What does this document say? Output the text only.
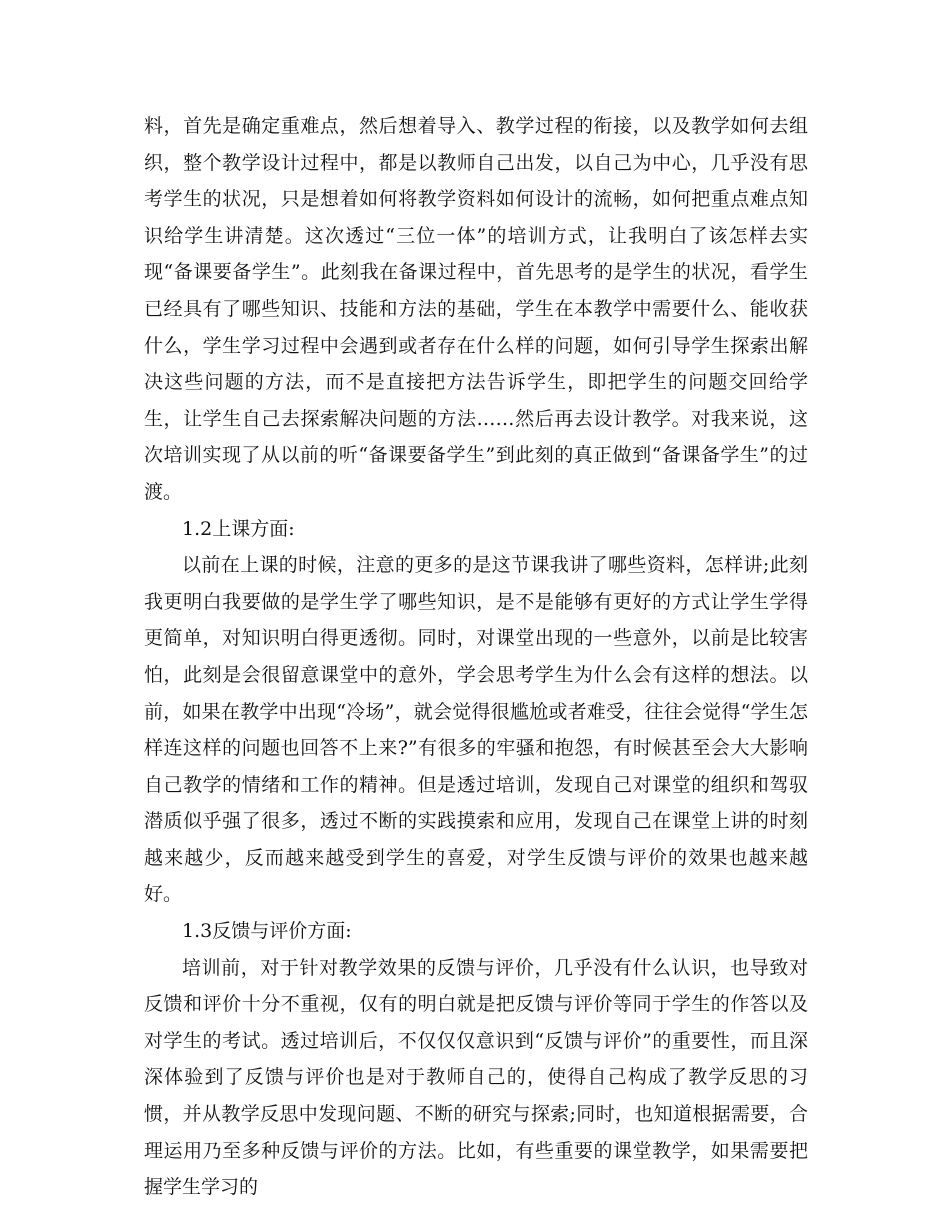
料，首先是确定重难点，然后想着导入、教学过程的衔接，以及教学如何去组织，整个教学设计过程中，都是以教师自己出发，以自己为中心，几乎没有思考学生的状况，只是想着如何将教学资料如何设计的流畅，如何把重点难点知识给学生讲清楚。这次透过“三位一体”的培训方式，让我明白了该怎样去实现“备课要备学生”。此刻我在备课过程中，首先思考的是学生的状况，看学生已经具有了哪些知识、技能和方法的基础，学生在本教学中需要什么、能收获什么，学生学习过程中会遇到或者存在什么样的问题，如何引导学生探索出解决这些问题的方法，而不是直接把方法告诉学生，即把学生的问题交回给学生，让学生自己去探索解决问题的方法……然后再去设计教学。对我来说，这次培训实现了从以前的听“备课要备学生”到此刻的真正做到“备课备学生”的过渡。

1.2上课方面:

以前在上课的时候，注意的更多的是这节课我讲了哪些资料，怎样讲;此刻我更明白我要做的是学生学了哪些知识，是不是能够有更好的方式让学生学得更简单，对知识明白得更透彻。同时，对课堂出现的一些意外，以前是比较害怕，此刻是会很留意课堂中的意外，学会思考学生为什么会有这样的想法。以前，如果在教学中出现“冷场”，就会觉得很尴尬或者难受，往往会觉得“学生怎样连这样的问题也回答不上来?”有很多的牢骚和抱怨，有时候甚至会大大影响自己教学的情绪和工作的精神。但是透过培训，发现自己对课堂的组织和驾驭潜质似乎强了很多，透过不断的实践摸索和应用，发现自己在课堂上讲的时刻越来越少，反而越来越受到学生的喜爱，对学生反馈与评价的效果也越来越好。

1.3反馈与评价方面:

培训前，对于针对教学效果的反馈与评价，几乎没有什么认识，也导致对反馈和评价十分不重视，仅有的明白就是把反馈与评价等同于学生的作答以及对学生的考试。透过培训后，不仅仅仅意识到“反馈与评价”的重要性，而且深深体验到了反馈与评价也是对于教师自己的，使得自己构成了教学反思的习惯，并从教学反思中发现问题、不断的研究与探索;同时，也知道根据需要，合理运用乃至多种反馈与评价的方法。比如，有些重要的课堂教学，如果需要把握学生学习的
